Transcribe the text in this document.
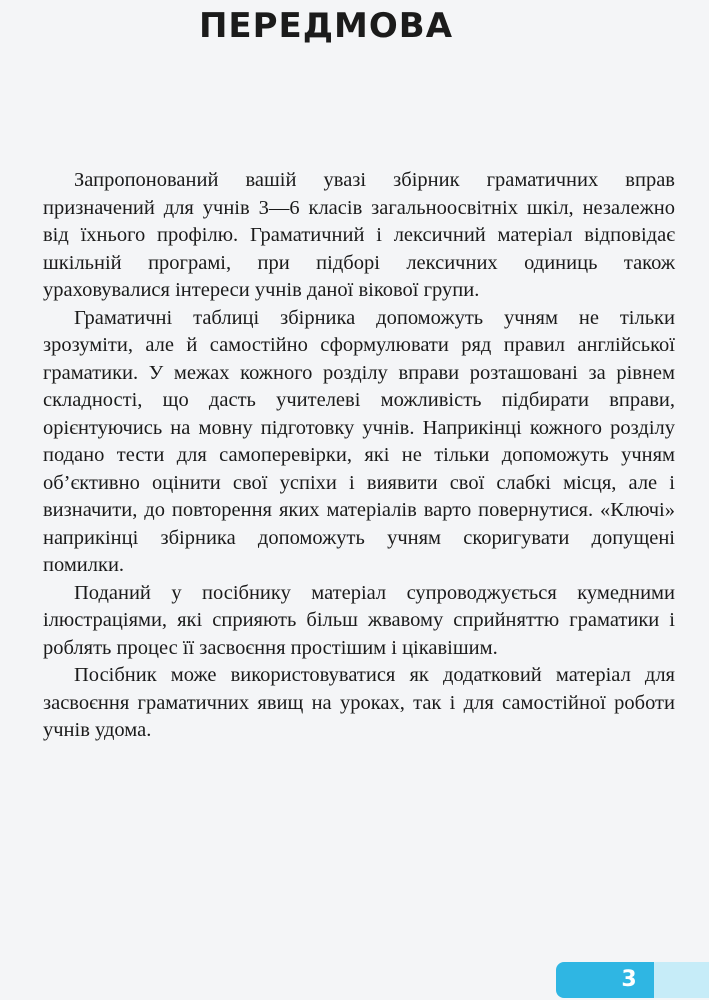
ПЕРЕДМОВА

Запропонований вашій увазі збірник граматичних вправ призначений для учнів 3—6 класів загальноосвітніх шкіл, незалежно від їхнього профілю. Граматичний і лексичний матеріал відповідає шкільній програмі, при підборі лексичних одиниць також ураховувалися інтереси учнів даної вікової групи.

Граматичні таблиці збірника допоможуть учням не тільки зрозуміти, але й самостійно сформулювати ряд правил англійської граматики. У межах кожного розділу вправи розташовані за рівнем складності, що дасть учителеві можливість підбирати вправи, орієнтуючись на мовну підготовку учнів. Наприкінці кожного розділу подано тести для самоперевірки, які не тільки допоможуть учням об’єктивно оцінити свої успіхи і виявити свої слабкі місця, але і визначити, до повторення яких матеріалів варто повернутися. «Ключі» наприкінці збірника допоможуть учням скоригувати допущені помилки.

Поданий у посібнику матеріал супроводжується кумедними ілюстраціями, які сприяють більш жвавому сприйняттю граматики і роблять процес її засвоєння простішим і цікавішим.

Посібник може використовуватися як додатковий матеріал для засвоєння граматичних явищ на уроках, так і для самостійної роботи учнів удома.

3
